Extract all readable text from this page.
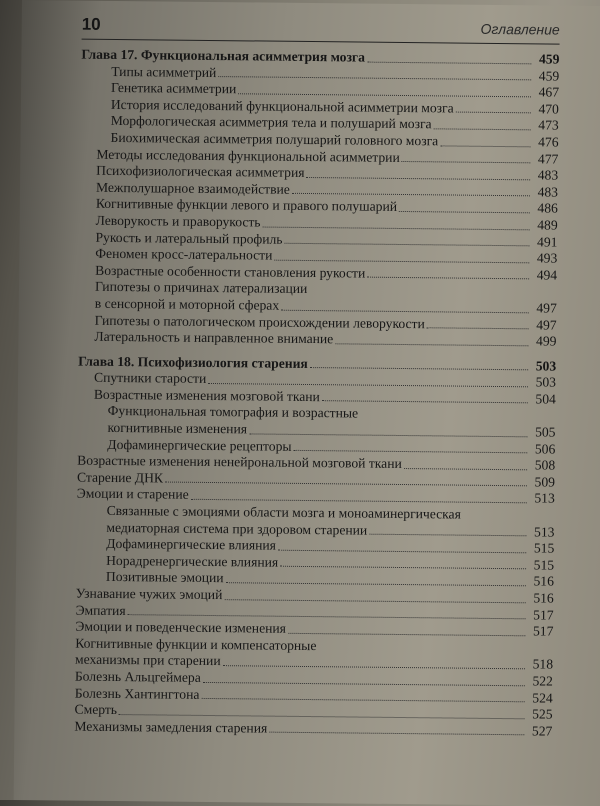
10	Оглавление
Глава 17. Функциональная асимметрия мозга	459
Типы асимметрий	459
Генетика асимметрии	467
История исследований функциональной асимметрии мозга	470
Морфологическая асимметрия тела и полушарий мозга	473
Биохимическая асимметрия полушарий головного мозга	476
Методы исследования функциональной асимметрии	477
Психофизиологическая асимметрия	483
Межполушарное взаимодействие	483
Когнитивные функции левого и правого полушарий	486
Леворукость и праворукость	489
Рукость и латеральный профиль	491
Феномен кросс-латеральности	493
Возрастные особенности становления рукости	494
Гипотезы о причинах латерализации
в сенсорной и моторной сферах	497
Гипотезы о патологическом происхождении леворукости	497
Латеральность и направленное внимание	499
Глава 18. Психофизиология старения	503
Спутники старости	503
Возрастные изменения мозговой ткани	504
Функциональная томография и возрастные
когнитивные изменения	505
Дофаминергические рецепторы	506
Возрастные изменения ненейрональной мозговой ткани	508
Старение ДНК	509
Эмоции и старение	513
Связанные с эмоциями области мозга и моноаминергическая
медиаторная система при здоровом старении	513
Дофаминергические влияния	515
Норадренергические влияния	515
Позитивные эмоции	516
Узнавание чужих эмоций	516
Эмпатия	517
Эмоции и поведенческие изменения	517
Когнитивные функции и компенсаторные
механизмы при старении	518
Болезнь Альцгеймера	522
Болезнь Хантингтона	524
Смерть	525
Механизмы замедления старения	527
